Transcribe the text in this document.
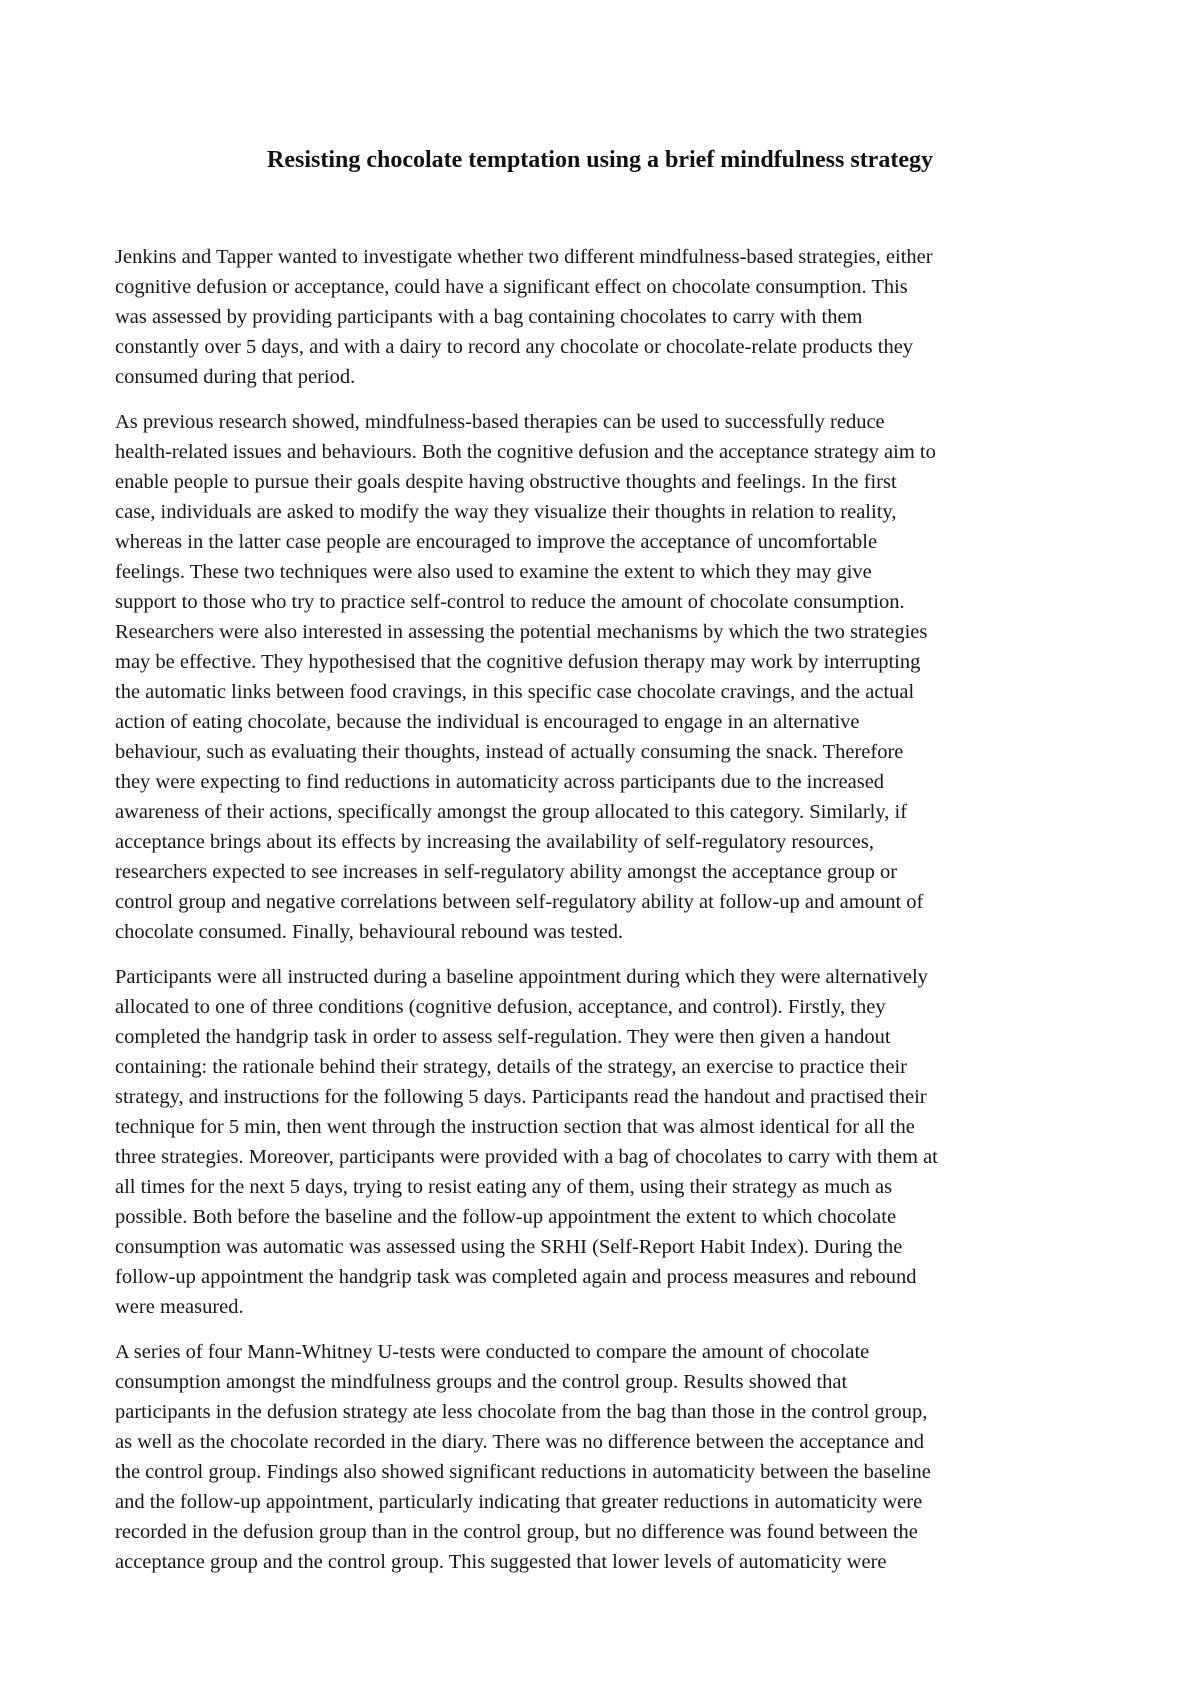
Resisting chocolate temptation using a brief mindfulness strategy

Jenkins and Tapper wanted to investigate whether two different mindfulness-based strategies, either
cognitive defusion or acceptance, could have a significant effect on chocolate consumption. This
was assessed by providing participants with a bag containing chocolates to carry with them
constantly over 5 days, and with a dairy to record any chocolate or chocolate-relate products they
consumed during that period.

As previous research showed, mindfulness-based therapies can be used to successfully reduce
health-related issues and behaviours. Both the cognitive defusion and the acceptance strategy aim to
enable people to pursue their goals despite having obstructive thoughts and feelings. In the first
case, individuals are asked to modify the way they visualize their thoughts in relation to reality,
whereas in the latter case people are encouraged to improve the acceptance of uncomfortable
feelings. These two techniques were also used to examine the extent to which they may give
support to those who try to practice self-control to reduce the amount of chocolate consumption.
Researchers were also interested in assessing the potential mechanisms by which the two strategies
may be effective. They hypothesised that the cognitive defusion therapy may work by interrupting
the automatic links between food cravings, in this specific case chocolate cravings, and the actual
action of eating chocolate, because the individual is encouraged to engage in an alternative
behaviour, such as evaluating their thoughts, instead of actually consuming the snack. Therefore
they were expecting to find reductions in automaticity across participants due to the increased
awareness of their actions, specifically amongst the group allocated to this category. Similarly, if
acceptance brings about its effects by increasing the availability of self-regulatory resources,
researchers expected to see increases in self-regulatory ability amongst the acceptance group or
control group and negative correlations between self-regulatory ability at follow-up and amount of
chocolate consumed. Finally, behavioural rebound was tested.

Participants were all instructed during a baseline appointment during which they were alternatively
allocated to one of three conditions (cognitive defusion, acceptance, and control). Firstly, they
completed the handgrip task in order to assess self-regulation. They were then given a handout
containing: the rationale behind their strategy, details of the strategy, an exercise to practice their
strategy, and instructions for the following 5 days. Participants read the handout and practised their
technique for 5 min, then went through the instruction section that was almost identical for all the
three strategies. Moreover, participants were provided with a bag of chocolates to carry with them at
all times for the next 5 days, trying to resist eating any of them, using their strategy as much as
possible. Both before the baseline and the follow-up appointment the extent to which chocolate
consumption was automatic was assessed using the SRHI (Self-Report Habit Index). During the
follow-up appointment the handgrip task was completed again and process measures and rebound
were measured.

A series of four Mann-Whitney U-tests were conducted to compare the amount of chocolate
consumption amongst the mindfulness groups and the control group. Results showed that
participants in the defusion strategy ate less chocolate from the bag than those in the control group,
as well as the chocolate recorded in the diary. There was no difference between the acceptance and
the control group. Findings also showed significant reductions in automaticity between the baseline
and the follow-up appointment, particularly indicating that greater reductions in automaticity were
recorded in the defusion group than in the control group, but no difference was found between the
acceptance group and the control group. This suggested that lower levels of automaticity were
